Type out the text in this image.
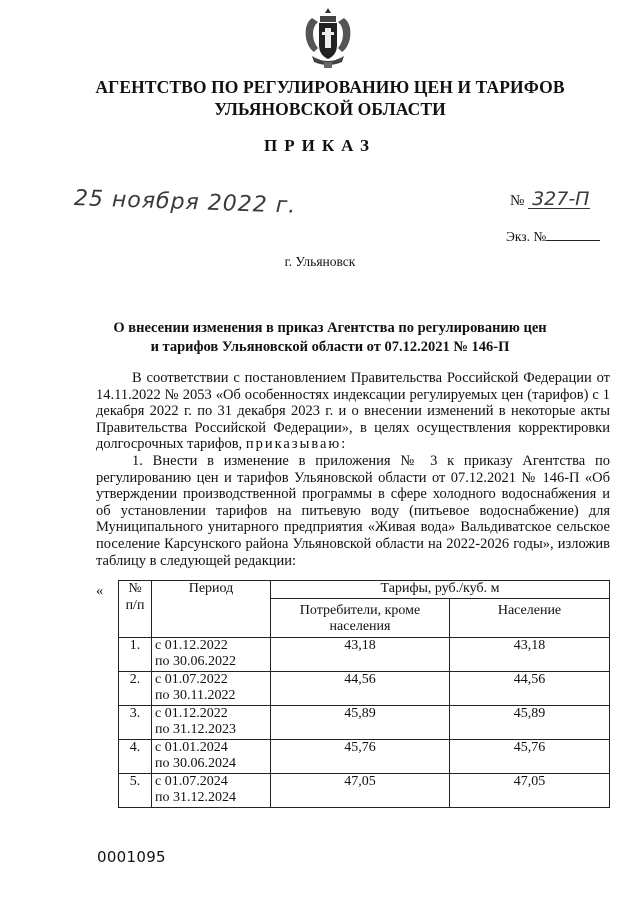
АГЕНТСТВО ПО РЕГУЛИРОВАНИЮ ЦЕН И ТАРИФОВ
УЛЬЯНОВСКОЙ ОБЛАСТИ
ПРИКАЗ
25 ноября 2022 г.	№ 327-П
Экз. №
г. Ульяновск
О внесении изменения в приказ Агентства по регулированию цен
и тарифов Ульяновской области от 07.12.2021 № 146-П

В соответствии с постановлением Правительства Российской Федерации от 14.11.2022 № 2053 «Об особенностях индексации регулируемых цен (тарифов) с 1 декабря 2022 г. по 31 декабря 2023 г. и о внесении изменений в некоторые акты Правительства Российской Федерации», в целях осуществления корректировки долгосрочных тарифов, приказываю:

1. Внести в изменение в приложения № 3 к приказу Агентства по регулированию цен и тарифов Ульяновской области от 07.12.2021 № 146-П «Об утверждении производственной программы в сфере холодного водоснабжения и об установлении тарифов на питьевую воду (питьевое водоснабжение) для Муниципального унитарного предприятия «Живая вода» Вальдиватское сельское поселение Карсунского района Ульяновской области на 2022-2026 годы», изложив таблицу в следующей редакции:

« № п/п	Период	Тарифы, руб./куб. м	
		Потребители, кроме населения	Население
1.	с 01.12.2022
по 30.06.2022	43,18	43,18
2.	с 01.07.2022
по 30.11.2022	44,56	44,56
3.	с 01.12.2022
по 31.12.2023	45,89	45,89
4.	с 01.01.2024
по 30.06.2024	45,76	45,76
5.	с 01.07.2024
по 31.12.2024	47,05	47,05
0001095
